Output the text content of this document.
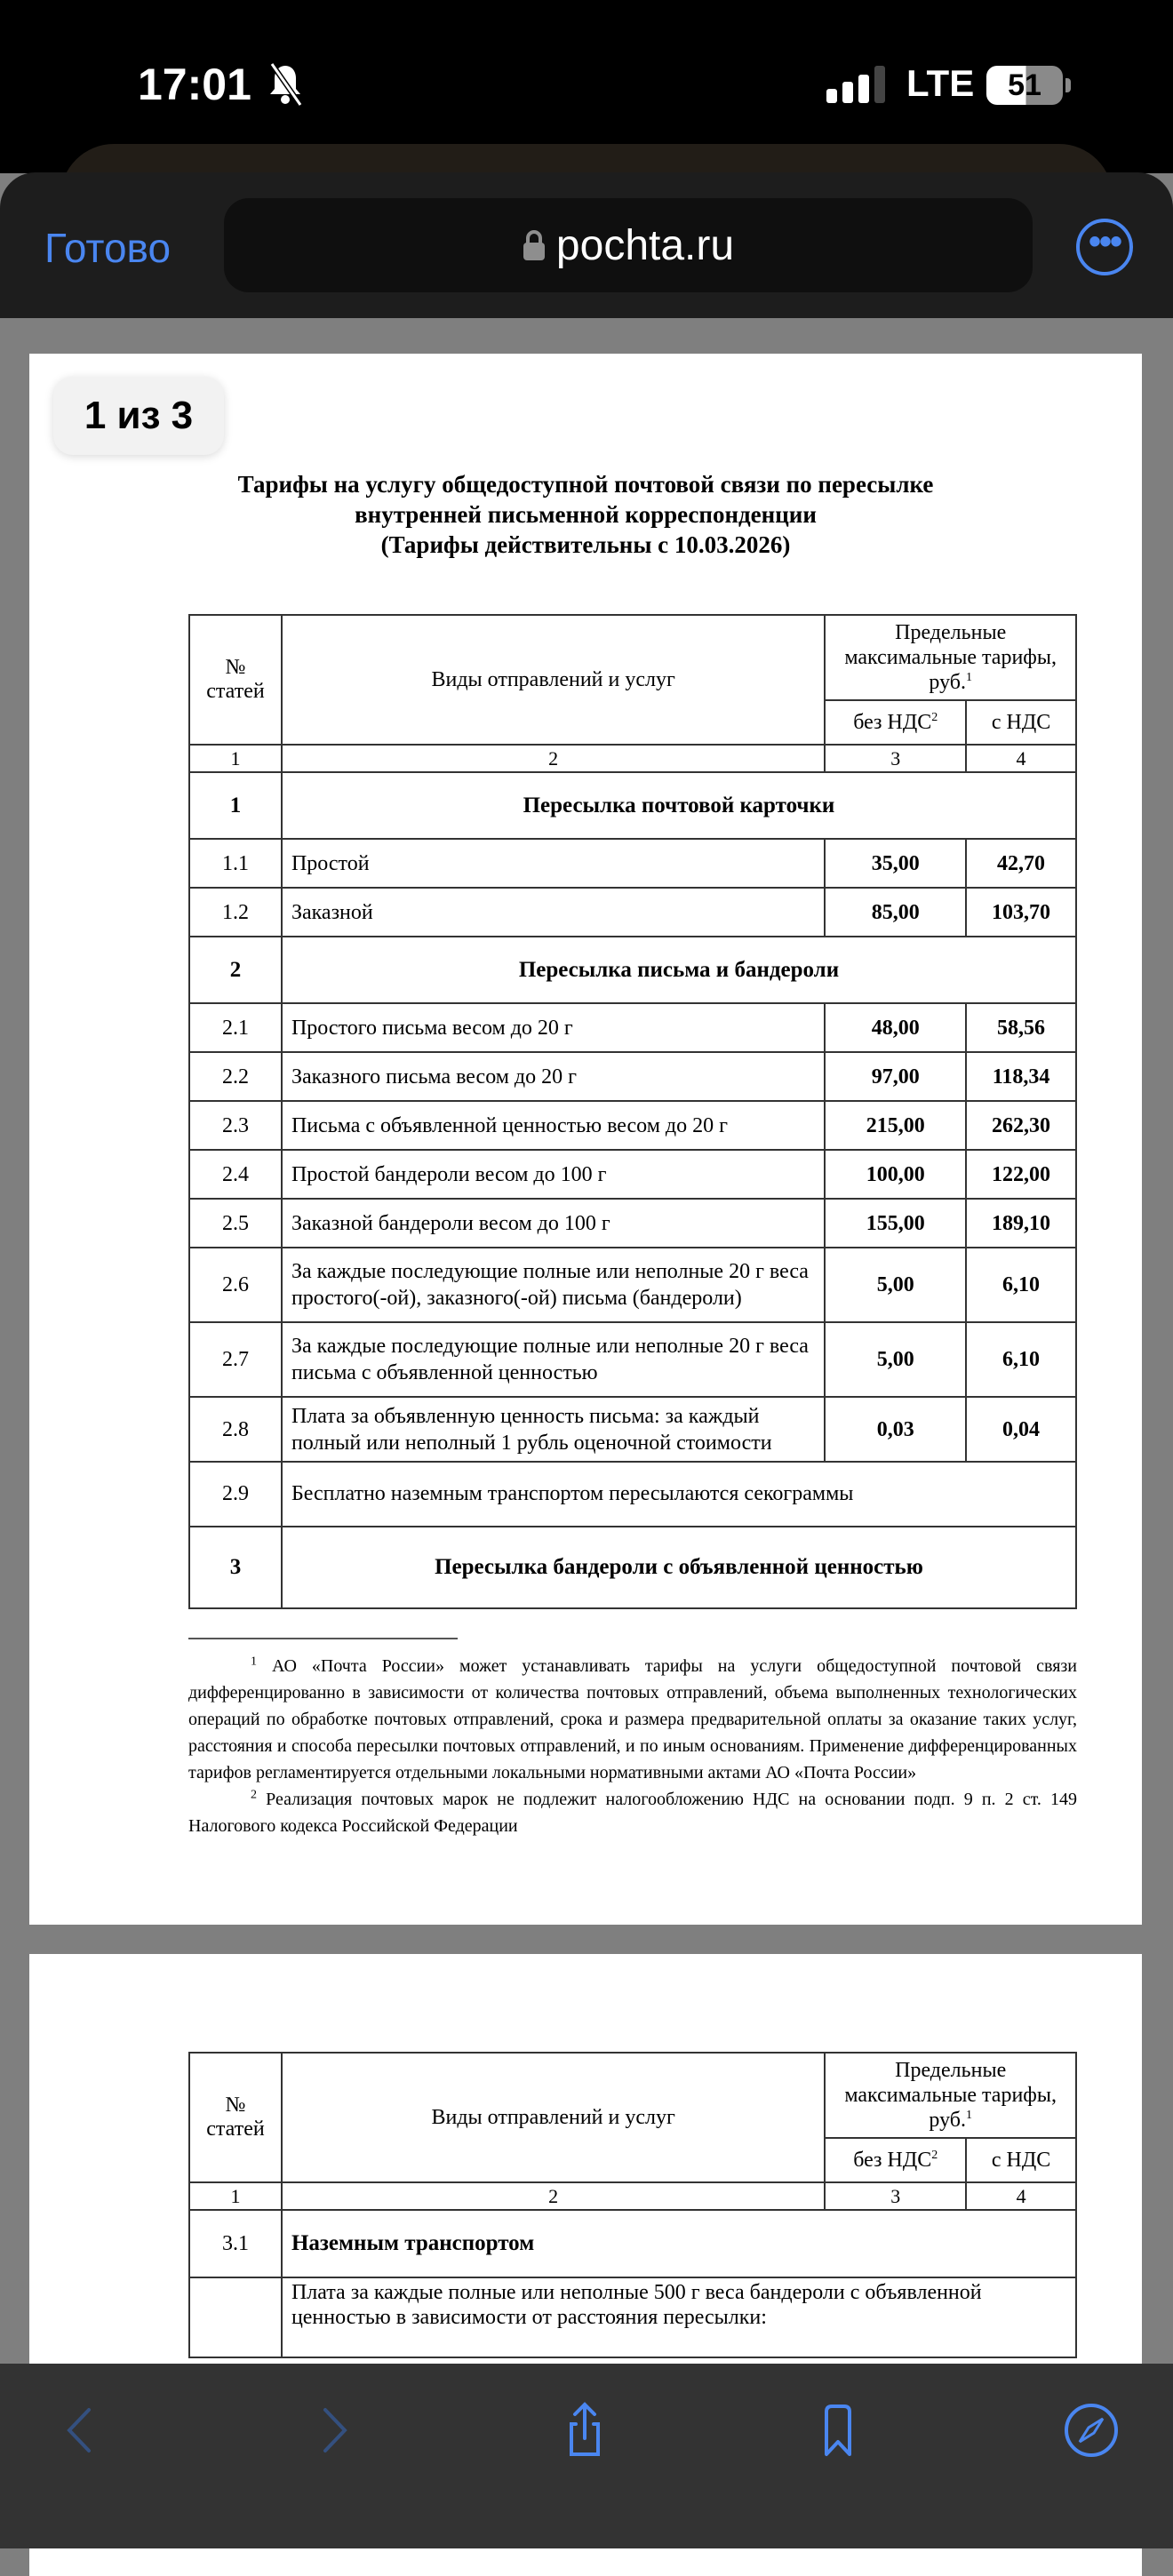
17:01	LTE	51
Готово	pochta.ru	•••
1 из 3
Тарифы на услугу общедоступной почтовой связи по пересылке
внутренней письменной корреспонденции
(Тарифы действительны с 10.03.2026)
№ статей	Виды отправлений и услуг	Предельные максимальные тарифы, руб.$^1$
		без НДС$^2$	с НДС
1	2	3	4
1	Пересылка почтовой карточки		
1.1	Простой	35,00	42,70
1.2	Заказной	85,00	103,70
2	Пересылка письма и бандероли		
2.1	Простого письма весом до 20 г	48,00	58,56
2.2	Заказного письма весом до 20 г	97,00	118,34
2.3	Письма с объявленной ценностью весом до 20 г	215,00	262,30
2.4	Простой бандероли весом до 100 г	100,00	122,00
2.5	Заказной бандероли весом до 100 г	155,00	189,10
2.6	За каждые последующие полные или неполные 20 г веса простого(-ой), заказного(-ой) письма (бандероли)	5,00	6,10
2.7	За каждые последующие полные или неполные 20 г веса письма с объявленной ценностью	5,00	6,10
2.8	Плата за объявленную ценность письма: за каждый полный или неполный 1 рубль оценочной стоимости	0,03	0,04
2.9	Бесплатно наземным транспортом пересылаются секограммы		
3	Пересылка бандероли с объявленной ценностью		

$^1$ АО «Почта России» может устанавливать тарифы на услуги общедоступной почтовой связи дифференцированно в зависимости от количества почтовых отправлений, объема выполненных технологических операций по обработке почтовых отправлений, срока и размера предварительной оплаты за оказание таких услуг, расстояния и способа пересылки почтовых отправлений, и по иным основаниям. Применение дифференцированных тарифов регламентируется отдельными локальными нормативными актами АО «Почта России»

$^2$ Реализация почтовых марок не подлежит налогообложению НДС на основании подп. 9 п. 2 ст. 149 Налогового кодекса Российской Федерации

№ статей	Виды отправлений и услуг	Предельные максимальные тарифы, руб.$^1$
		без НДС$^2$	с НДС
1	2	3	4
3.1	Наземным транспортом		
	Плата за каждые полные или неполные 500 г веса бандероли с объявленной ценностью в зависимости от расстояния пересылки:		
